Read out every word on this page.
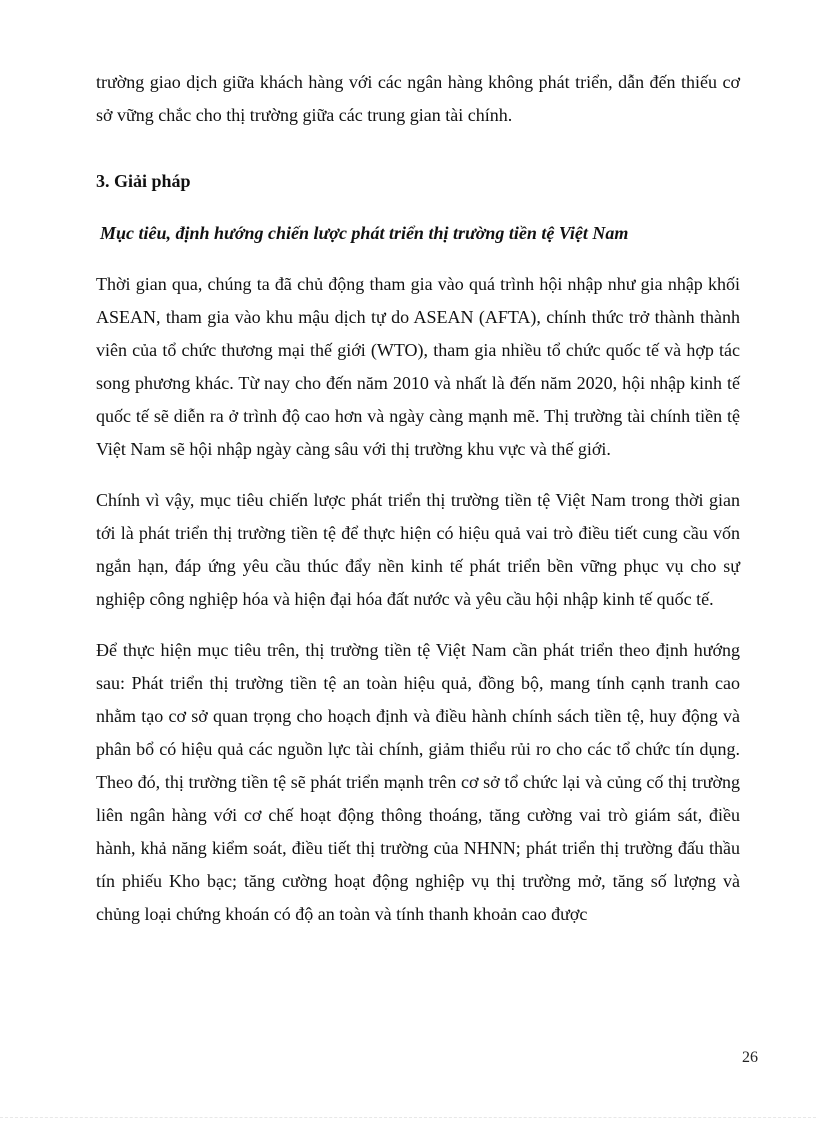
trường giao dịch giữa khách hàng với các ngân hàng không phát triển, dẫn đến thiếu cơ sở vững chắc cho thị trường giữa các trung gian tài chính.

3. Giải pháp

Mục tiêu, định hướng chiến lược phát triển thị trường tiền tệ Việt Nam

Thời gian qua, chúng ta đã chủ động tham gia vào quá trình hội nhập như gia nhập khối ASEAN, tham gia vào khu mậu dịch tự do ASEAN (AFTA), chính thức trở thành thành viên của tổ chức thương mại thế giới (WTO), tham gia nhiều tổ chức quốc tế và hợp tác song phương khác. Từ nay cho đến năm 2010 và nhất là đến năm 2020, hội nhập kinh tế quốc tế sẽ diễn ra ở trình độ cao hơn và ngày càng mạnh mẽ. Thị trường tài chính tiền tệ Việt Nam sẽ hội nhập ngày càng sâu với thị trường khu vực và thế giới.

Chính vì vậy, mục tiêu chiến lược phát triển thị trường tiền tệ Việt Nam trong thời gian tới là phát triển thị trường tiền tệ để thực hiện có hiệu quả vai trò điều tiết cung cầu vốn ngắn hạn, đáp ứng yêu cầu thúc đẩy nền kinh tế phát triển bền vững phục vụ cho sự nghiệp công nghiệp hóa và hiện đại hóa đất nước và yêu cầu hội nhập kinh tế quốc tế.

Để thực hiện mục tiêu trên, thị trường tiền tệ Việt Nam cần phát triển theo định hướng sau: Phát triển thị trường tiền tệ an toàn hiệu quả, đồng bộ, mang tính cạnh tranh cao nhằm tạo cơ sở quan trọng cho hoạch định và điều hành chính sách tiền tệ, huy động và phân bổ có hiệu quả các nguồn lực tài chính, giảm thiểu rủi ro cho các tổ chức tín dụng. Theo đó, thị trường tiền tệ sẽ phát triển mạnh trên cơ sở tổ chức lại và củng cố thị trường liên ngân hàng với cơ chế hoạt động thông thoáng, tăng cường vai trò giám sát, điều hành, khả năng kiểm soát, điều tiết thị trường của NHNN; phát triển thị trường đấu thầu tín phiếu Kho bạc; tăng cường hoạt động nghiệp vụ thị trường mở, tăng số lượng và chủng loại chứng khoán có độ an toàn và tính thanh khoản cao được

26
